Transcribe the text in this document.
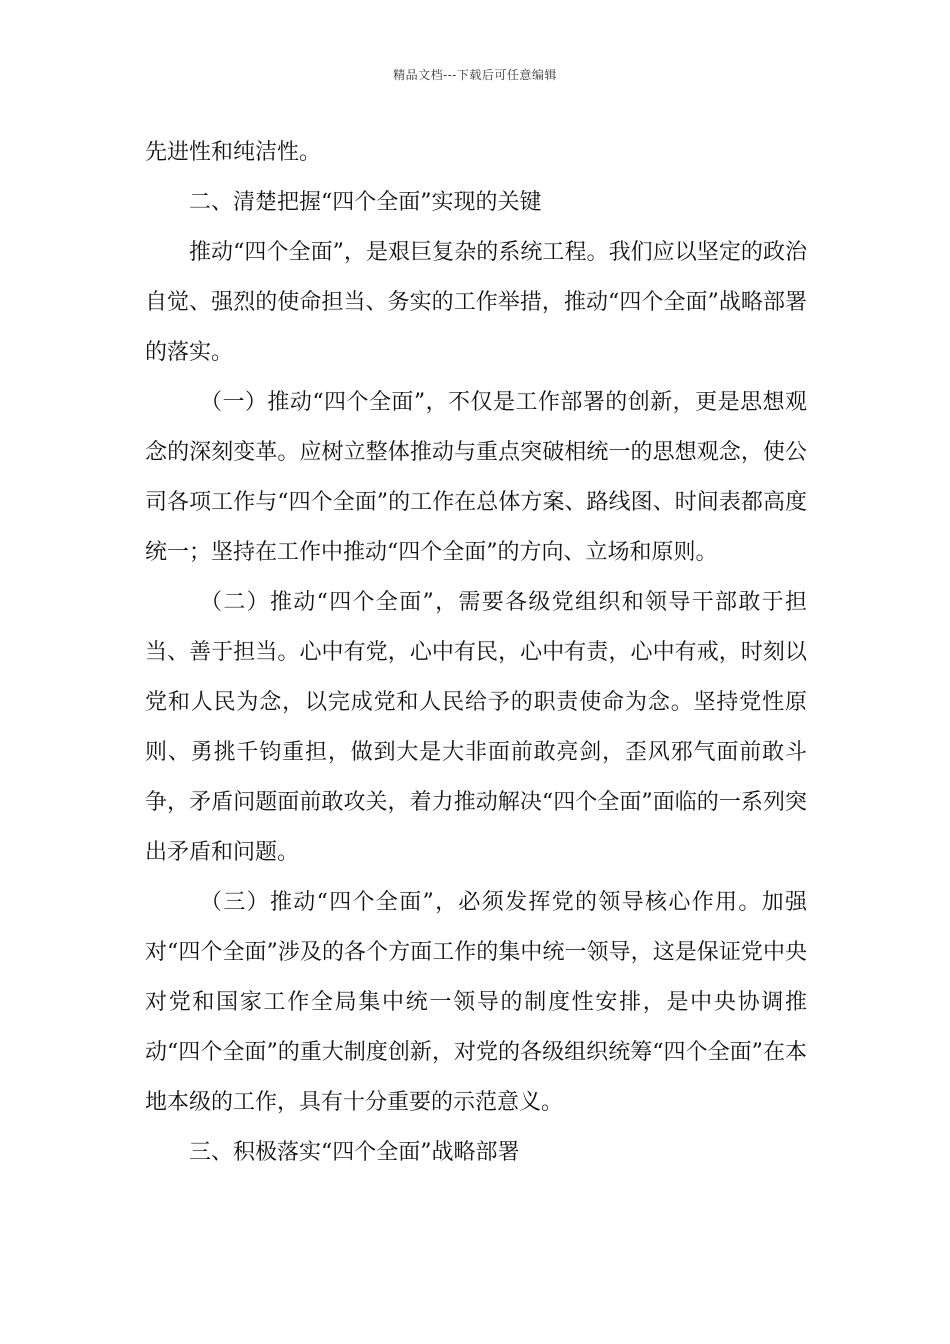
精品文档---下载后可任意编辑

先进性和纯洁性。

二、清楚把握“四个全面”实现的关键

推动“四个全面”，是艰巨复杂的系统工程。我们应以坚定的政治自觉、强烈的使命担当、务实的工作举措，推动“四个全面”战略部署的落实。

（一）推动“四个全面”，不仅是工作部署的创新，更是思想观念的深刻变革。应树立整体推动与重点突破相统一的思想观念，使公司各项工作与“四个全面”的工作在总体方案、路线图、时间表都高度统一；坚持在工作中推动“四个全面”的方向、立场和原则。

（二）推动“四个全面”，需要各级党组织和领导干部敢于担当、善于担当。心中有党，心中有民，心中有责，心中有戒，时刻以党和人民为念，以完成党和人民给予的职责使命为念。坚持党性原则、勇挑千钧重担，做到大是大非面前敢亮剑，歪风邪气面前敢斗争，矛盾问题面前敢攻关，着力推动解决“四个全面”面临的一系列突出矛盾和问题。

（三）推动“四个全面”，必须发挥党的领导核心作用。加强对“四个全面”涉及的各个方面工作的集中统一领导，这是保证党中央对党和国家工作全局集中统一领导的制度性安排，是中央协调推动“四个全面”的重大制度创新，对党的各级组织统筹“四个全面”在本地本级的工作，具有十分重要的示范意义。

三、积极落实“四个全面”战略部署
